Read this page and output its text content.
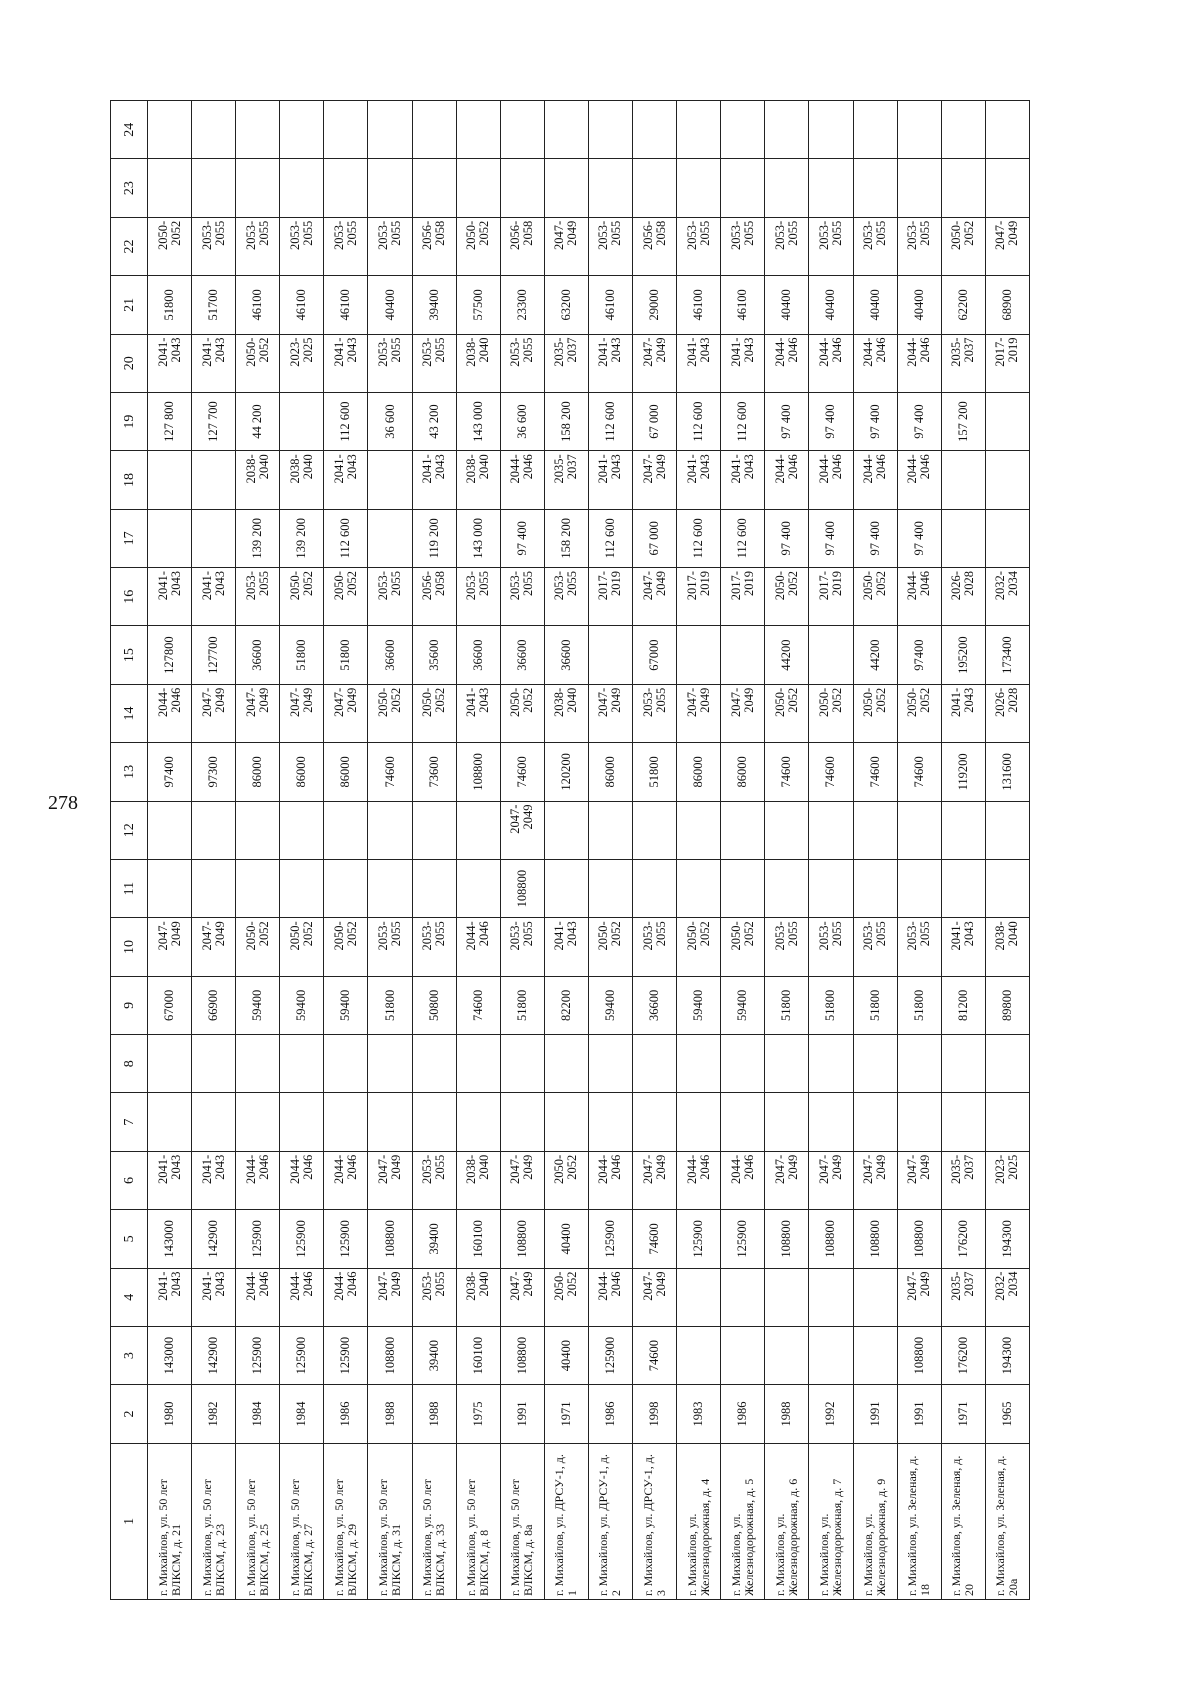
278
1	2	3	4	5	6	7	8	9	10	11	12	13	14	15	16	17	18	19	20	21	22	23	24
г. Михайлов, ул. 50 лет ВЛКСМ, д. 21	1980	143000	2041-2043	143000	2041-2043			67000	2047-2049			97400	2044-2046	127800	2041-2043			127 800	2041-2043	51800	2050-2052		
г. Михайлов, ул. 50 лет ВЛКСМ, д. 23	1982	142900	2041-2043	142900	2041-2043			66900	2047-2049			97300	2047-2049	127700	2041-2043			127 700	2041-2043	51700	2053-2055		
г. Михайлов, ул. 50 лет ВЛКСМ, д. 25	1984	125900	2044-2046	125900	2044-2046			59400	2050-2052			86000	2047-2049	36600	2053-2055	139 200	2038-2040	44 200	2050-2052	46100	2053-2055		
г. Михайлов, ул. 50 лет ВЛКСМ, д. 27	1984	125900	2044-2046	125900	2044-2046			59400	2050-2052			86000	2047-2049	51800	2050-2052	139 200	2038-2040		2023-2025	46100	2053-2055		
г. Михайлов, ул. 50 лет ВЛКСМ, д. 29	1986	125900	2044-2046	125900	2044-2046			59400	2050-2052			86000	2047-2049	51800	2050-2052	112 600	2041-2043	112 600	2041-2043	46100	2053-2055		
г. Михайлов, ул. 50 лет ВЛКСМ, д. 31	1988	108800	2047-2049	108800	2047-2049			51800	2053-2055			74600	2050-2052	36600	2053-2055			36 600	2053-2055	40400	2053-2055		
г. Михайлов, ул. 50 лет ВЛКСМ, д. 33	1988	39400	2053-2055	39400	2053-2055			50800	2053-2055			73600	2050-2052	35600	2056-2058	119 200	2041-2043	43 200	2053-2055	39400	2056-2058		
г. Михайлов, ул. 50 лет ВЛКСМ, д. 8	1975	160100	2038-2040	160100	2038-2040			74600	2044-2046			108800	2041-2043	36600	2053-2055	143 000	2038-2040	143 000	2038-2040	57500	2050-2052		
г. Михайлов, ул. 50 лет ВЛКСМ, д. 8а	1991	108800	2047-2049	108800	2047-2049			51800	2053-2055	108800	2047-2049	74600	2050-2052	36600	2053-2055	97 400	2044-2046	36 600	2053-2055	23300	2056-2058		
г. Михайлов, ул. ДРСУ-1, д. 1	1971	40400	2050-2052	40400	2050-2052			82200	2041-2043			120200	2038-2040	36600	2053-2055	158 200	2035-2037	158 200	2035-2037	63200	2047-2049		
г. Михайлов, ул. ДРСУ-1, д. 2	1986	125900	2044-2046	125900	2044-2046			59400	2050-2052			86000	2047-2049		2017-2019	112 600	2041-2043	112 600	2041-2043	46100	2053-2055		
г. Михайлов, ул. ДРСУ-1, д. 3	1998	74600	2047-2049	74600	2047-2049			36600	2053-2055			51800	2053-2055	67000	2047-2049	67 000	2047-2049	67 000	2047-2049	29000	2056-2058		
г. Михайлов, ул. Железнодорожная, д. 4	1983			125900	2044-2046			59400	2050-2052			86000	2047-2049		2017-2019	112 600	2041-2043	112 600	2041-2043	46100	2053-2055		
г. Михайлов, ул. Железнодорожная, д. 5	1986			125900	2044-2046			59400	2050-2052			86000	2047-2049		2017-2019	112 600	2041-2043	112 600	2041-2043	46100	2053-2055		
г. Михайлов, ул. Железнодорожная, д. 6	1988			108800	2047-2049			51800	2053-2055			74600	2050-2052	44200	2050-2052	97 400	2044-2046	97 400	2044-2046	40400	2053-2055		
г. Михайлов, ул. Железнодорожная, д. 7	1992			108800	2047-2049			51800	2053-2055			74600	2050-2052		2017-2019	97 400	2044-2046	97 400	2044-2046	40400	2053-2055		
г. Михайлов, ул. Железнодорожная, д. 9	1991			108800	2047-2049			51800	2053-2055			74600	2050-2052	44200	2050-2052	97 400	2044-2046	97 400	2044-2046	40400	2053-2055		
г. Михайлов, ул. Зеленая, д. 18	1991	108800	2047-2049	108800	2047-2049			51800	2053-2055			74600	2050-2052	97400	2044-2046	97 400	2044-2046	97 400	2044-2046	40400	2053-2055		
г. Михайлов, ул. Зеленая, д. 20	1971	176200	2035-2037	176200	2035-2037			81200	2041-2043			119200	2041-2043	195200	2026-2028			157 200	2035-2037	62200	2050-2052		
г. Михайлов, ул. Зеленая, д. 20а	1965	194300	2032-2034	194300	2023-2025			89800	2038-2040			131600	2026-2028	173400	2032-2034				2017-2019	68900	2047-2049		
